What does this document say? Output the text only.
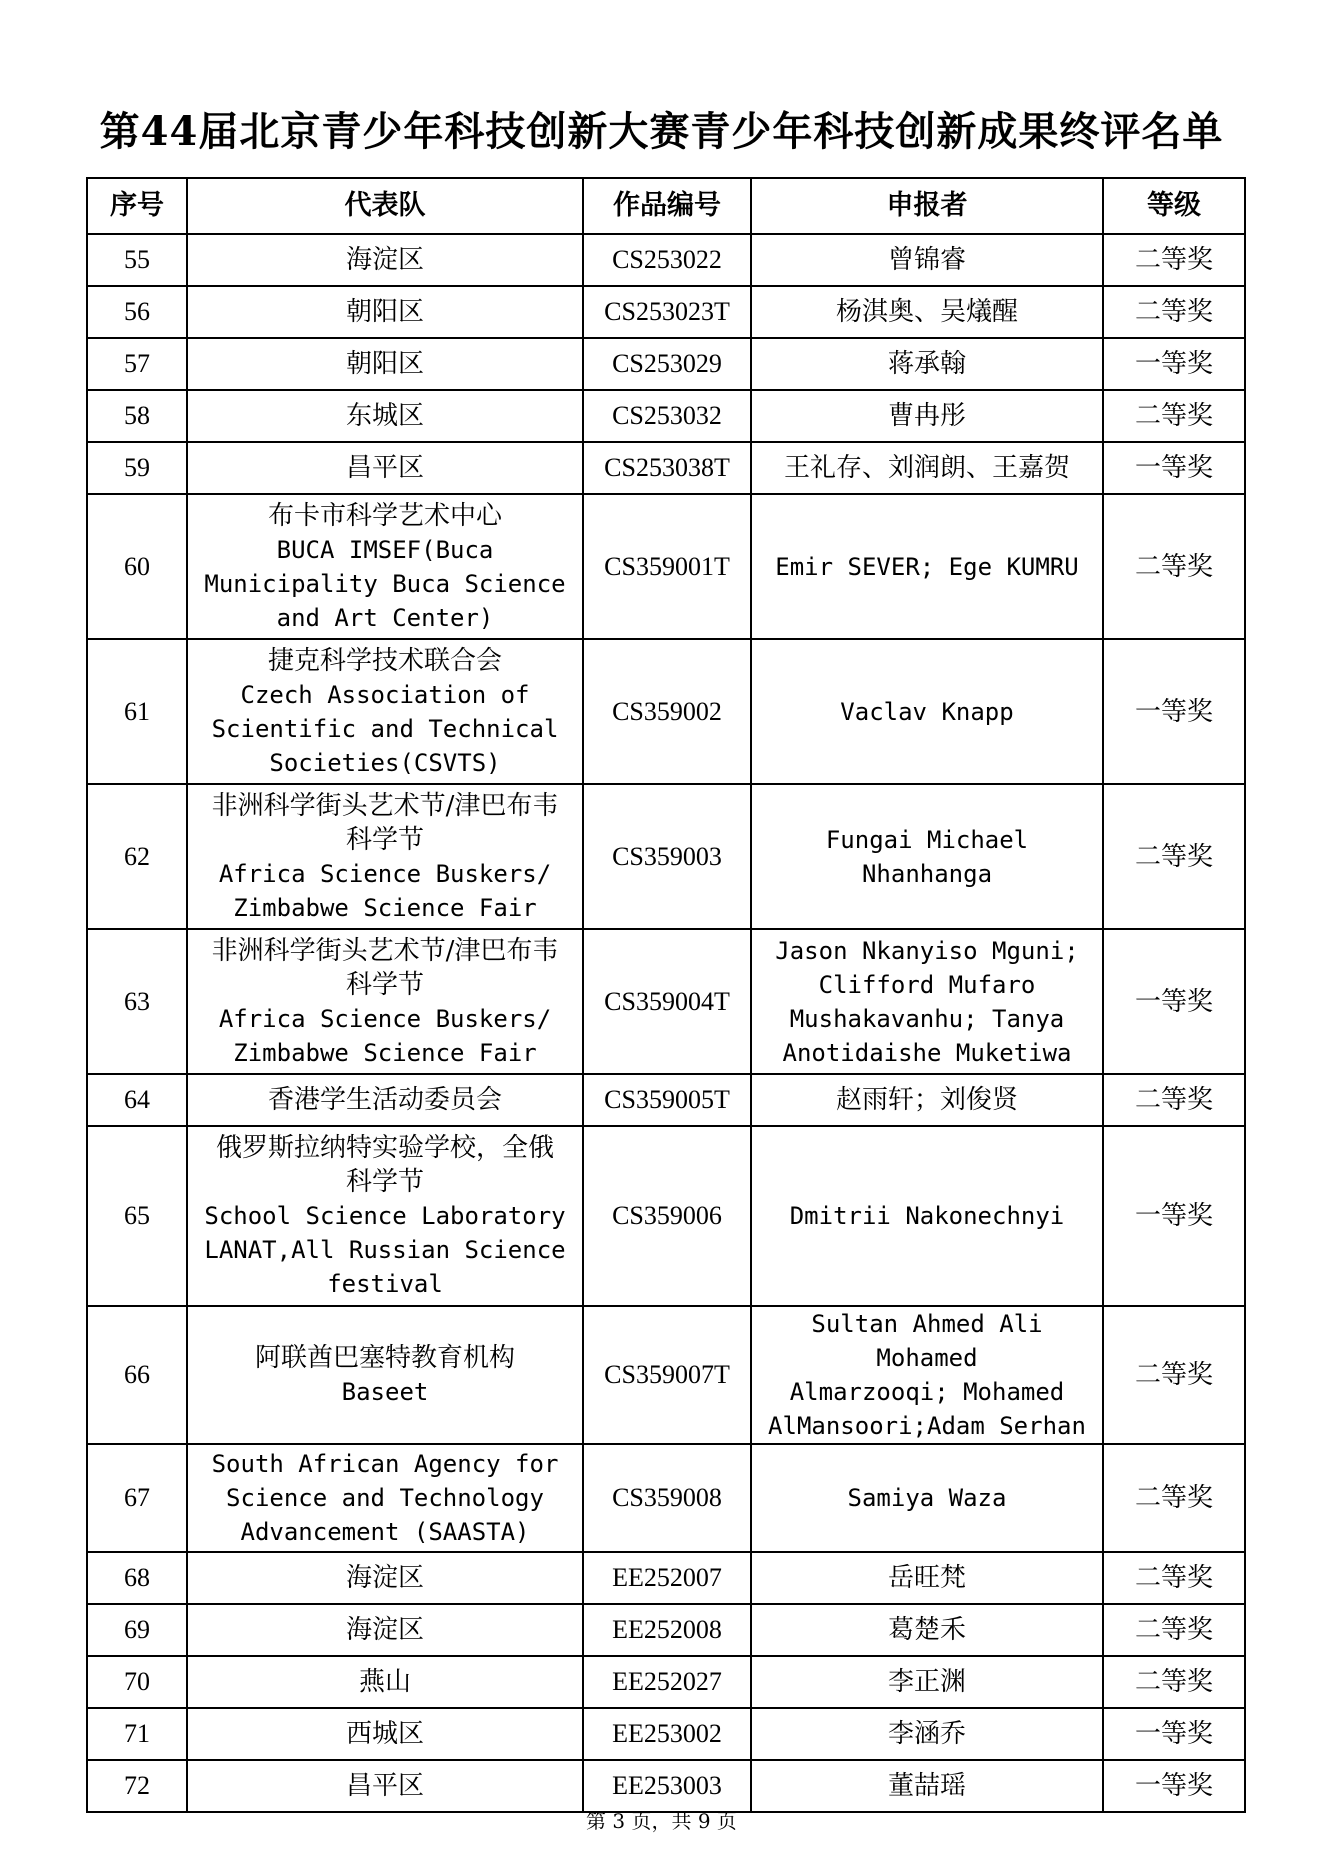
第44届北京青少年科技创新大赛青少年科技创新成果终评名单
序号	代表队	作品编号	申报者	等级
55	海淀区	CS253022	曾锦睿	二等奖
56	朝阳区	CS253023T	杨淇奥、吴燨醒	二等奖
57	朝阳区	CS253029	蒋承翰	一等奖
58	东城区	CS253032	曹冉彤	二等奖
59	昌平区	CS253038T	王礼存、刘润朗、王嘉贺	一等奖
60	布卡市科学艺术中心
BUCA IMSEF(Buca
Municipality Buca Science
and Art Center)	CS359001T	Emir SEVER; Ege KUMRU	二等奖
61	捷克科学技术联合会
Czech Association of
Scientific and Technical
Societies(CSVTS)	CS359002	Vaclav Knapp	一等奖
62	非洲科学街头艺术节/津巴布韦
科学节
Africa Science Buskers/
Zimbabwe Science Fair	CS359003	Fungai Michael Nhanhanga	二等奖
63	非洲科学街头艺术节/津巴布韦
科学节
Africa Science Buskers/
Zimbabwe Science Fair	CS359004T	Jason Nkanyiso Mguni;
Clifford Mufaro
Mushakavanhu; Tanya
Anotidaishe Muketiwa	一等奖
64	香港学生活动委员会	CS359005T	赵雨轩；刘俊贤	二等奖
65	俄罗斯拉纳特实验学校，全俄
科学节
School Science Laboratory
LANAT,All Russian Science
festival	CS359006	Dmitrii Nakonechnyi	一等奖
66	阿联酋巴塞特教育机构
Baseet	CS359007T	Sultan Ahmed Ali Mohamed
Almarzooqi; Mohamed
AlMansoori;Adam Serhan	二等奖
67	South African Agency for
Science and Technology
Advancement (SAASTA)	CS359008	Samiya Waza	二等奖
68	海淀区	EE252007	岳旺梵	二等奖
69	海淀区	EE252008	葛楚禾	二等奖
70	燕山	EE252027	李正渊	二等奖
71	西城区	EE253002	李涵乔	一等奖
72	昌平区	EE253003	董喆瑶	一等奖
第 3 页，共 9 页
